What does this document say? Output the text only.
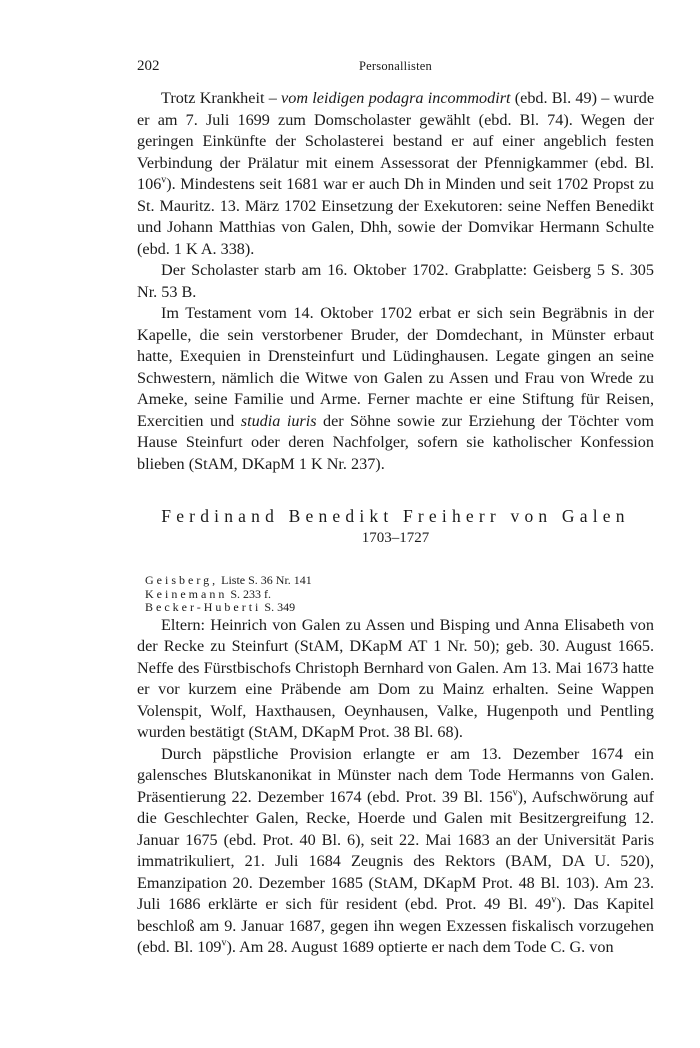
202	Personallisten

Trotz Krankheit – vom leidigen podagra incommodirt (ebd. Bl. 49) – wurde er am 7. Juli 1699 zum Domscholaster gewählt (ebd. Bl. 74). Wegen der geringen Einkünfte der Scholasterei bestand er auf einer angeblich festen Verbindung der Prälatur mit einem Assessorat der Pfennigkammer (ebd. Bl. 106$^v$). Mindestens seit 1681 war er auch Dh in Minden und seit 1702 Propst zu St. Mauritz. 13. März 1702 Einsetzung der Exekutoren: seine Neffen Benedikt und Johann Matthias von Galen, Dhh, sowie der Domvikar Hermann Schulte (ebd. 1 K A. 338).

Der Scholaster starb am 16. Oktober 1702. Grabplatte: Geisberg 5 S. 305 Nr. 53 B.

Im Testament vom 14. Oktober 1702 erbat er sich sein Begräbnis in der Kapelle, die sein verstorbener Bruder, der Domdechant, in Münster erbaut hatte, Exequien in Drensteinfurt und Lüdinghausen. Legate gingen an seine Schwestern, nämlich die Witwe von Galen zu Assen und Frau von Wrede zu Ameke, seine Familie und Arme. Ferner machte er eine Stiftung für Reisen, Exercitien und studia iuris der Söhne sowie zur Erziehung der Töchter vom Hause Steinfurt oder deren Nachfolger, sofern sie katholischer Konfession blieben (StAM, DKapM 1 K Nr. 237).

Ferdinand Benedikt Freiherr von Galen
1703–1727
Geisberg, Liste S. 36 Nr. 141
Keinemann S. 233 f.
Becker-Huberti S. 349

Eltern: Heinrich von Galen zu Assen und Bisping und Anna Elisabeth von der Recke zu Steinfurt (StAM, DKapM AT 1 Nr. 50); geb. 30. August 1665. Neffe des Fürstbischofs Christoph Bernhard von Galen. Am 13. Mai 1673 hatte er vor kurzem eine Präbende am Dom zu Mainz erhalten. Seine Wappen Volenspit, Wolf, Haxthausen, Oeynhausen, Valke, Hugenpoth und Pentling wurden bestätigt (StAM, DKapM Prot. 38 Bl. 68).

Durch päpstliche Provision erlangte er am 13. Dezember 1674 ein galensches Blutskanonikat in Münster nach dem Tode Hermanns von Galen. Präsentierung 22. Dezember 1674 (ebd. Prot. 39 Bl. 156$^v$), Aufschwörung auf die Geschlechter Galen, Recke, Hoerde und Galen mit Besitzergreifung 12. Januar 1675 (ebd. Prot. 40 Bl. 6), seit 22. Mai 1683 an der Universität Paris immatrikuliert, 21. Juli 1684 Zeugnis des Rektors (BAM, DA U. 520), Emanzipation 20. Dezember 1685 (StAM, DKapM Prot. 48 Bl. 103). Am 23. Juli 1686 erklärte er sich für resident (ebd. Prot. 49 Bl. 49$^v$). Das Kapitel beschloß am 9. Januar 1687, gegen ihn wegen Exzessen fiskalisch vorzugehen (ebd. Bl. 109$^v$). Am 28. August 1689 optierte er nach dem Tode C. G. von
